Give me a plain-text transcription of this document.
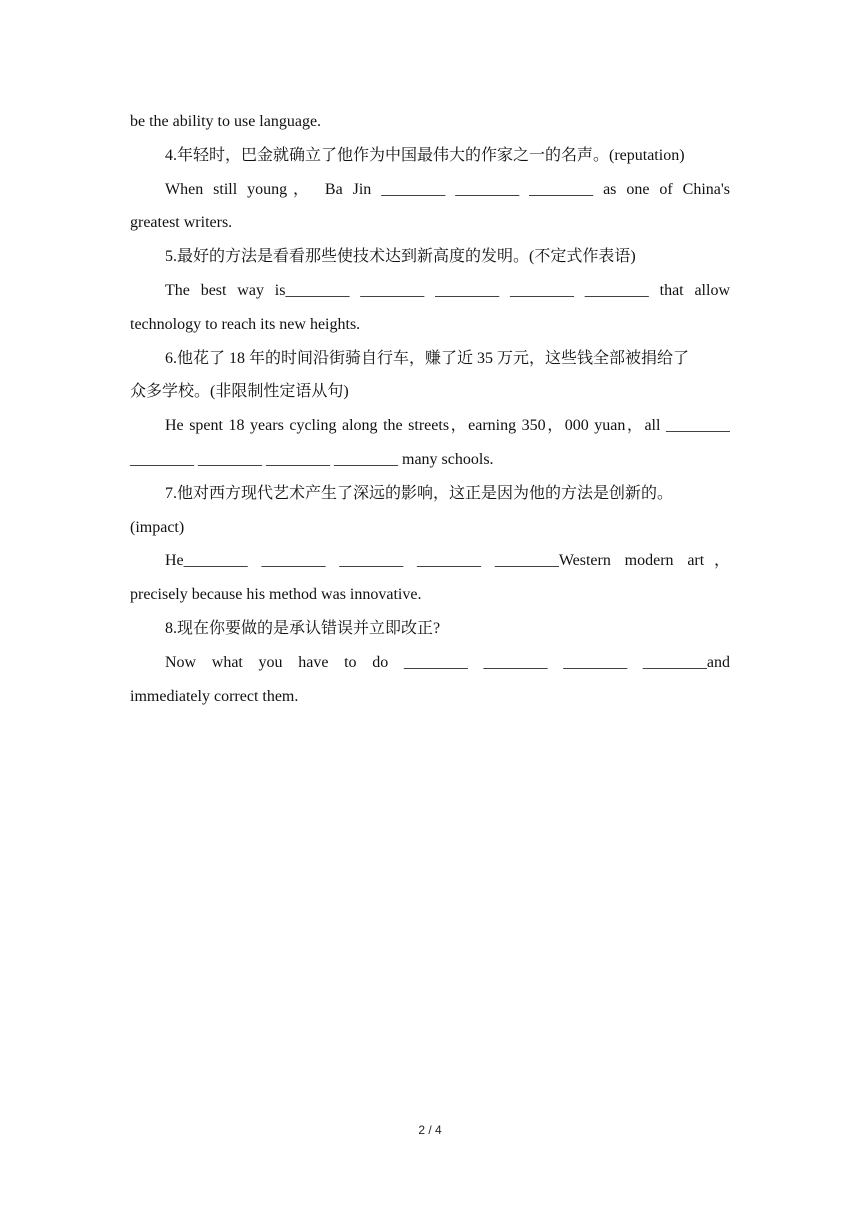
be the ability to use language.
4.年轻时，巴金就确立了他作为中国最伟大的作家之一的名声。(reputation)
When still young， Ba Jin ________ ________ ________ as one of China's
greatest writers.
5.最好的方法是看看那些使技术达到新高度的发明。(不定式作表语)
The best way is________ ________ ________ ________ ________ that allow
technology to reach its new heights.
6.他花了 18 年的时间沿街骑自行车，赚了近 35 万元，这些钱全部被捐给了
众多学校。(非限制性定语从句)
He spent 18 years cycling along the streets，earning 350，000 yuan，all ________
________ ________ ________ ________ many schools.
7.他对西方现代艺术产生了深远的影响，这正是因为他的方法是创新的。
(impact)
He________ ________ ________ ________ ________Western modern art，
precisely because his method was innovative.
8.现在你要做的是承认错误并立即改正?
Now what you have to do ________ ________ ________ ________and
immediately correct them.
2 / 4
